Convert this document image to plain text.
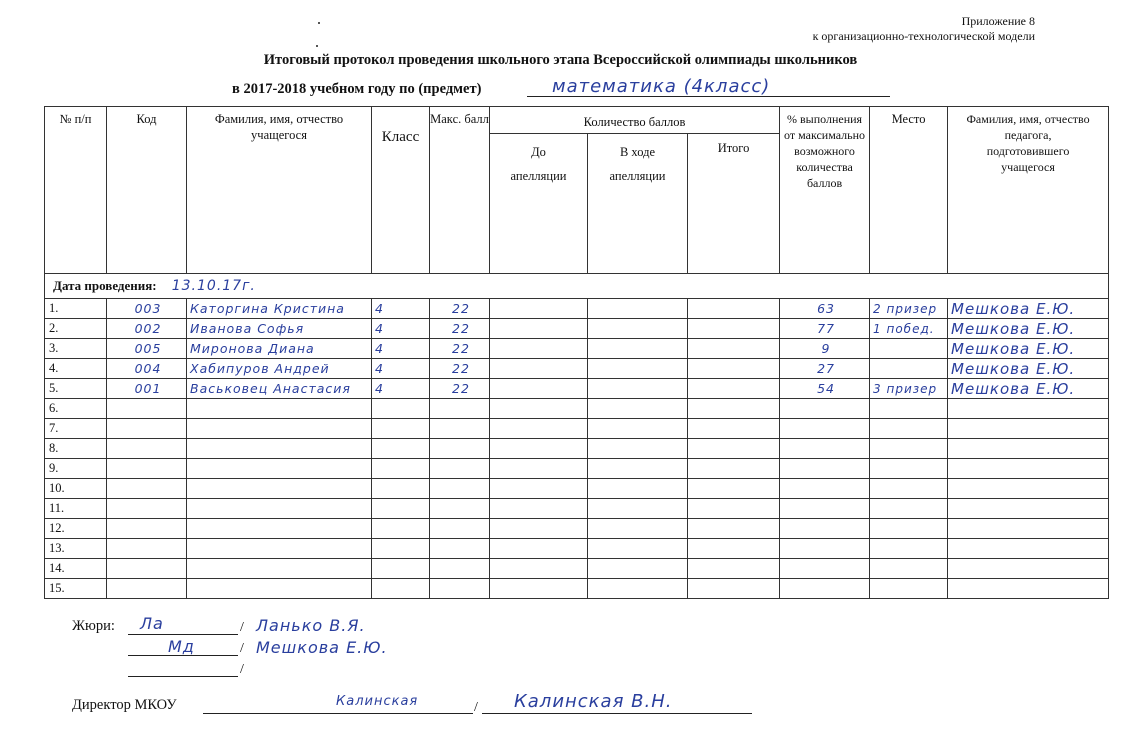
Приложение 8
к организационно-технологической модели
Итоговый протокол проведения школьного этапа Всероссийской олимпиады школьников
в 2017-2018 учебном году по (предмет)	математика (4класс)
№ п/п	Код	Фамилия, имя, отчество учащегося	Класс	Макс. балл	Количество баллов			% выполнения от максимально возможного количества баллов	Место	Фамилия, имя, отчество педагога, подготовившего учащегося
					До апелляции	В ходе апелляции	Итого			
Дата проведения: 13.10.17г.										
1.	003	Каторгина Кристина	4	22				63	2 призер	Мешкова Е.Ю.
2.	002	Иванова Софья	4	22				77	1 побед.	Мешкова Е.Ю.
3.	005	Миронова Диана	4	22				9		Мешкова Е.Ю.
4.	004	Хабипуров Андрей	4	22				27		Мешкова Е.Ю.
5.	001	Васьковец Анастасия	4	22				54	3 призер	Мешкова Е.Ю.
6.										
7.										
8.										
9.										
10.										
11.										
12.										
13.										
14.										
15.										
Жюри: Ла	/ Ланько В.Я.
Мд	/ Мешкова Е.Ю.
/
Директор МКОУ	Калинская	/ Калинская В.Н.
